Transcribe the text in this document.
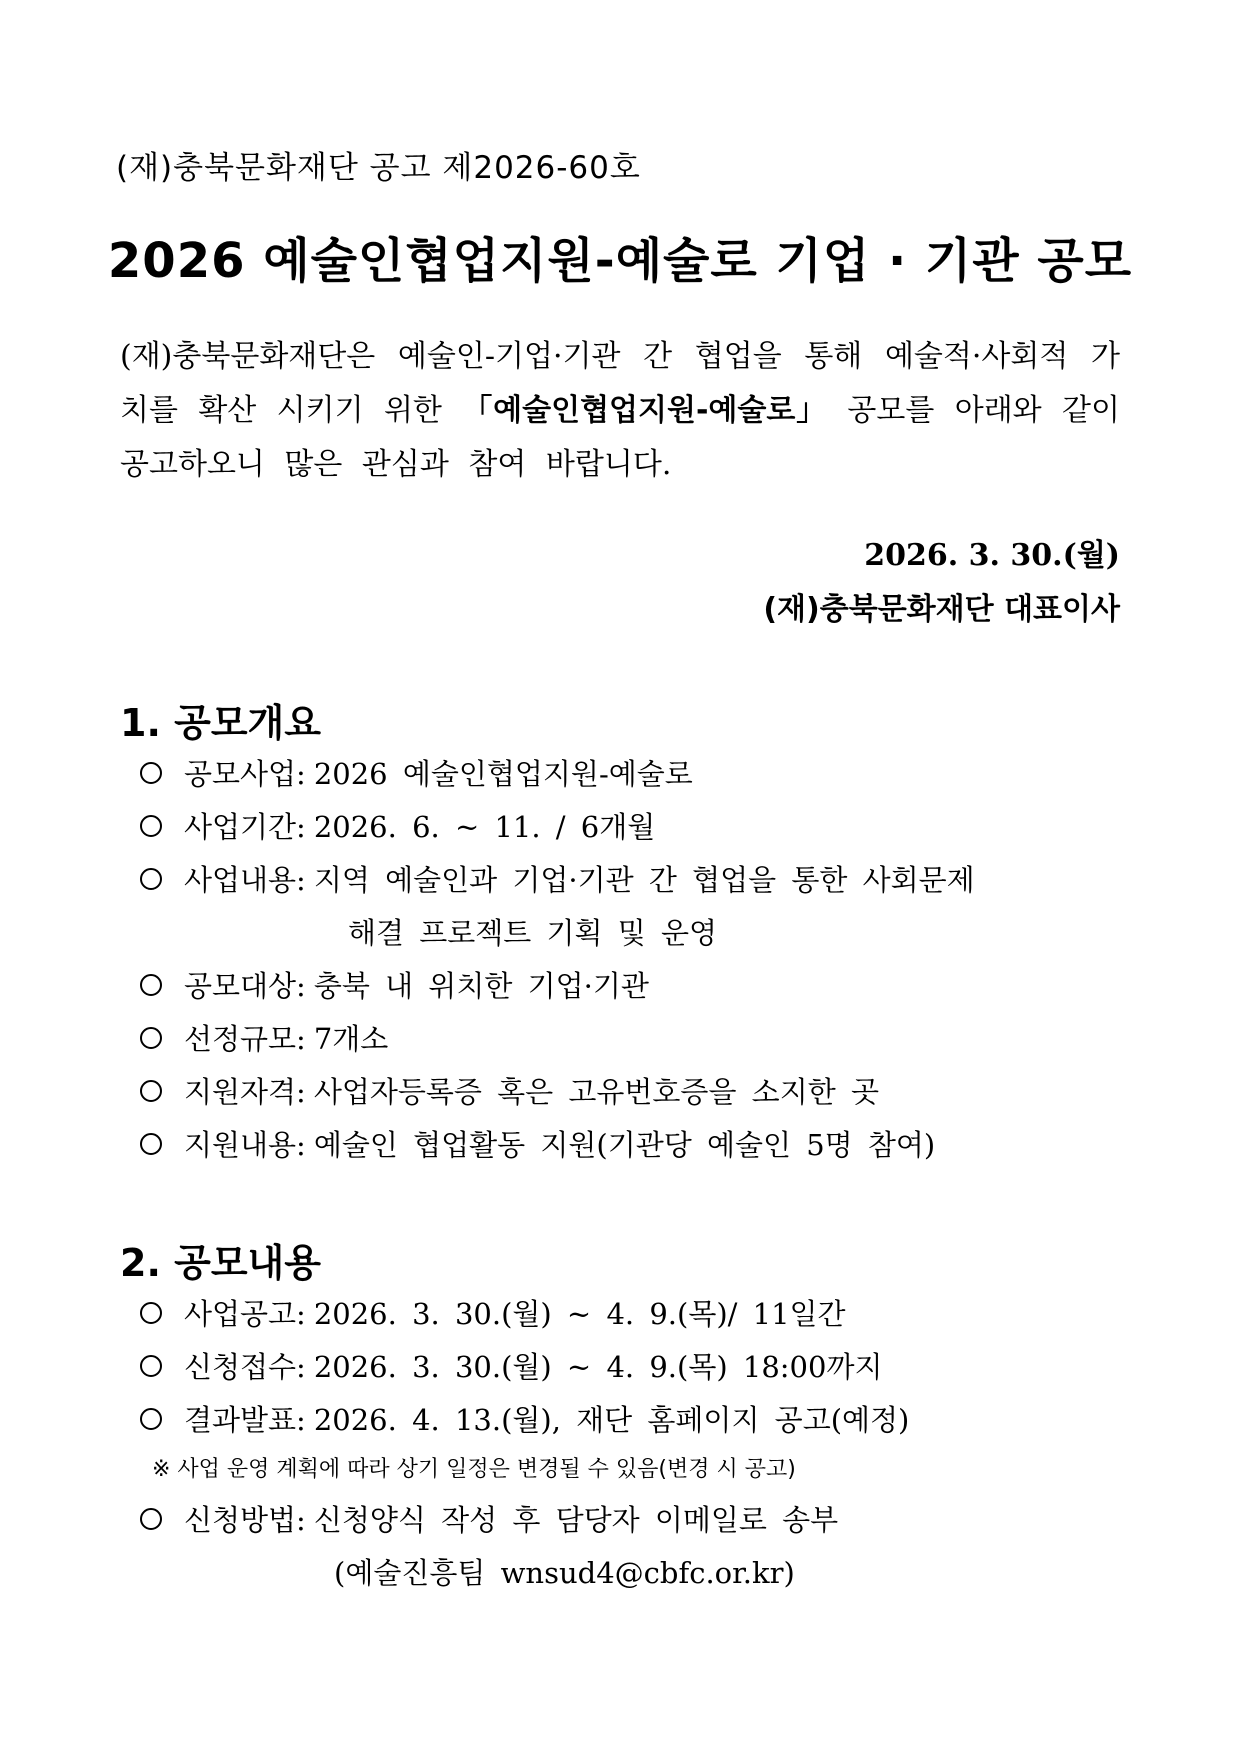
(재)충북문화재단 공고 제2026-60호
2026 예술인협업지원-예술로 기업 · 기관 공모
(재)충북문화재단은 예술인-기업·기관 간 협업을 통해 예술적·사회적 가치를 확산 시키기 위한 「예술인협업지원-예술로」 공모를 아래와 같이 공고하오니 많은 관심과 참여 바랍니다.
2026. 3. 30.(월)
(재)충북문화재단 대표이사
1. 공모개요
공모사업: 2026 예술인협업지원-예술로
사업기간: 2026. 6. ~ 11. / 6개월
사업내용: 지역 예술인과 기업·기관 간 협업을 통한 사회문제
해결 프로젝트 기획 및 운영
공모대상: 충북 내 위치한 기업·기관
선정규모: 7개소
지원자격: 사업자등록증 혹은 고유번호증을 소지한 곳
지원내용: 예술인 협업활동 지원(기관당 예술인 5명 참여)
2. 공모내용
사업공고: 2026. 3. 30.(월) ~ 4. 9.(목)/ 11일간
신청접수: 2026. 3. 30.(월) ~ 4. 9.(목) 18:00까지
결과발표: 2026. 4. 13.(월), 재단 홈페이지 공고(예정)
※ 사업 운영 계획에 따라 상기 일정은 변경될 수 있음(변경 시 공고)
신청방법: 신청양식 작성 후 담당자 이메일로 송부
(예술진흥팀 wnsud4@cbfc.or.kr)
